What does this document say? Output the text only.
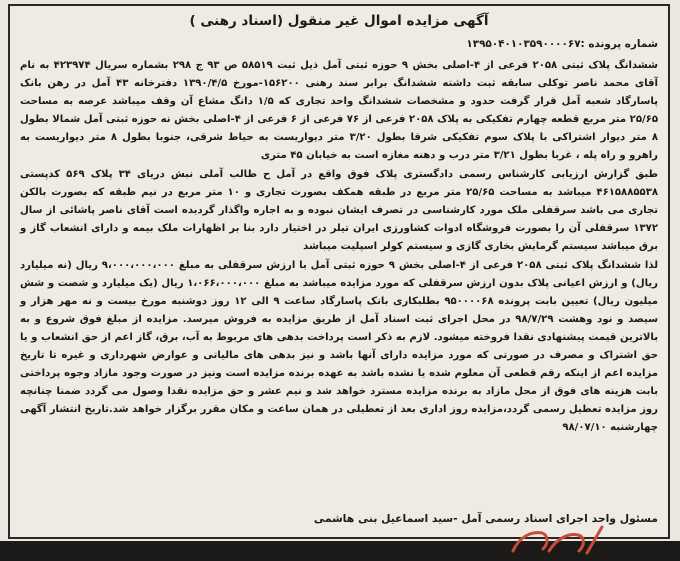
آگهی مزایده اموال غیر منقول (اسناد رهنی )
شماره پرونده :۱۳۹۵۰۴۰۱۰۳۵۹۰۰۰۰۶۷

ششدانگ پلاک ثبتی ۲۰۵۸ فرعی از ۴-اصلی بخش ۹ حوزه ثبتی آمل ذیل ثبت ۵۸۵۱۹ ص ۹۳ ج ۲۹۸ بشماره سریال ۴۲۳۹۷۴ به نام آقای محمد ناصر توکلی سابقه ثبت داشته ششدانگ برابر سند رهنی ۱۵۶۲۰۰-مورخ ۱۳۹۰/۴/۵ دفترخانه ۴۳ آمل در رهن بانک پاسارگاد شعبه آمل قرار گرفت حدود و مشخصات ششدانگ واحد تجاری که ۱/۵ دانگ مشاع آن وقف میباشد عرصه به مساحت ۲۵/۶۵ متر مربع قطعه چهارم تفکیکی به پلاک ۲۰۵۸ فرعی از ۷۶ فرعی از ۶ فرعی از ۴-اصلی بخش نه حوزه ثبتی آمل شمالا بطول ۸ متر دیوار اشتراکی با پلاک سوم تفکیکی شرقا بطول ۳/۲۰ متر دیواریست به حیاط شرقی، جنوبا بطول ۸ متر دیواریست به راهرو و راه پله ، غربا بطول ۳/۲۱ متر درب و دهنه مغازه است به خیابان ۴۵ متری

طبق گزارش ارزیابی کارشناس رسمی دادگستری پلاک فوق واقع در آمل ح طالب آملی نبش دریای ۳۴ پلاک ۵۶۹ کدپستی ۴۶۱۵۸۸۵۵۳۸ میباشد به مساحت ۲۵/۶۵ متر مربع در طبقه همکف بصورت تجاری و ۱۰ متر مربع در نیم طبقه که بصورت بالکن تجاری می باشد سرقفلی ملک مورد کارشناسی در تصرف ایشان نبوده و به اجاره واگذار گردیده است آقای ناصر پاشائی از سال ۱۳۷۲ سرقفلی آن را بصورت فروشگاه ادوات کشاورزی ایران تیلر در اختیار دارد بنا بر اظهارات ملک بیمه و دارای انشعاب گاز و برق میباشد سیستم گرمایش بخاری گازی و سیستم کولر اسپلیت میباشد

لذا ششدانگ پلاک ثبتی ۲۰۵۸ فرعی از ۴-اصلی بخش ۹ حوزه ثبتی آمل با ارزش سرقفلی به مبلغ ۹،۰۰۰،۰۰۰،۰۰۰ ریال (نه میلیارد ریال) و ارزش اعیانی پلاک بدون ارزش سرقفلی که مورد مزایده میباشد به مبلغ ۱،۰۶۶،۰۰۰،۰۰۰ ریال (یک میلیارد و شصت و شش میلیون ریال) تعیین بابت پرونده ۹۵۰۰۰۰۶۸ بطلبکاری بانک پاسارگاد ساعت ۹ الی ۱۲ روز دوشنبه مورخ بیست و نه مهر هزار و سیصد و نود وهشت ۹۸/۷/۲۹ در محل اجرای ثبت اسناد آمل از طریق مزایده به فروش میرسد. مزایده از مبلغ فوق شروع و به بالاترین قیمت پیشنهادی نقدا فروخته میشود. لازم به ذکر است پرداخت بدهی های مربوط به آب، برق، گاز اعم از حق انشعاب و یا حق اشتراک و مصرف در صورتی که مورد مزایده دارای آنها باشد و نیز بدهی های مالیاتی و عوارض شهرداری و غیره تا تاریخ مزایده اعم از اینکه رقم قطعی آن معلوم شده یا نشده باشد به عهده برنده مزایده است ونیز در صورت وجود مازاد وجوه پرداختی بابت هزینه های فوق از محل مازاد به برنده مزایده مسترد خواهد شد و نیم عشر و حق مزایده نقدا وصول می گردد ضمنا چنانچه روز مزایده تعطیل رسمی گردد،مزایده روز اداری بعد از تعطیلی در همان ساعت و مکان مقرر برگزار خواهد شد.تاریخ انتشار آگهی چهارشنبه ۹۸/۰۷/۱۰

مسئول واحد اجرای اسناد رسمی آمل -سید اسماعیل بنی هاشمی
